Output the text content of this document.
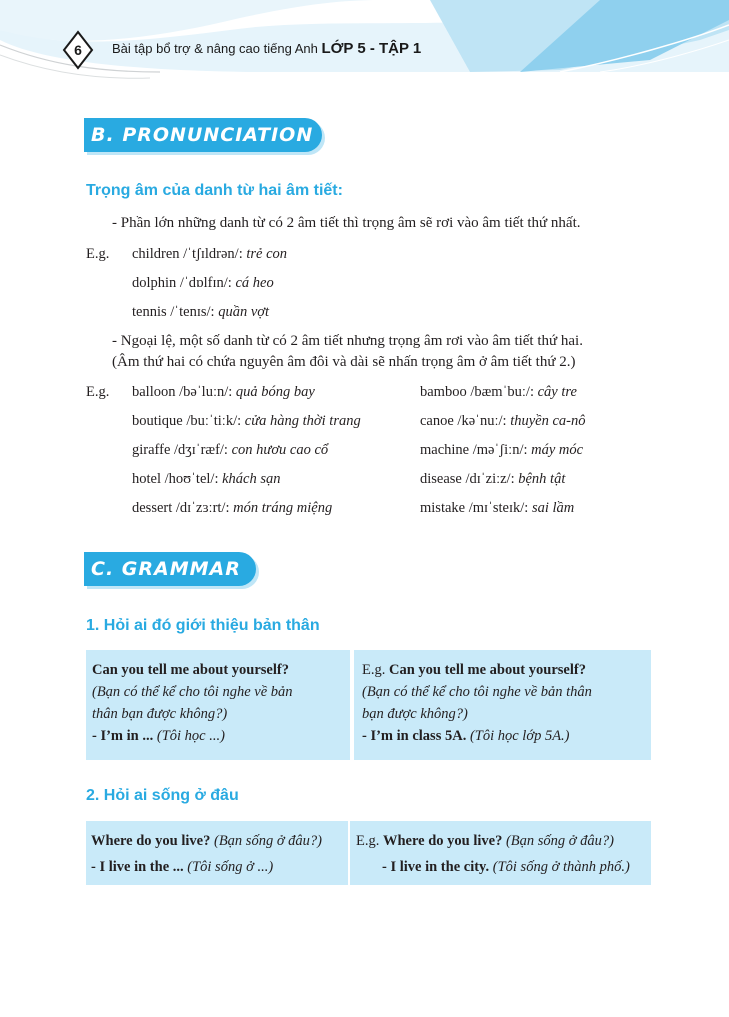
6	Bài tập bổ trợ & nâng cao tiếng Anh LỚP 5 - TẬP 1
B. PRONUNCIATION
Trọng âm của danh từ hai âm tiết:
- Phần lớn những danh từ có 2 âm tiết thì trọng âm sẽ rơi vào âm tiết thứ nhất.
E.g. children /ˈtʃɪldrən/: trẻ con
dolphin /ˈdɒlfɪn/: cá heo
tennis /ˈtenɪs/: quần vợt
- Ngoại lệ, một số danh từ có 2 âm tiết nhưng trọng âm rơi vào âm tiết thứ hai.
(Âm thứ hai có chứa nguyên âm đôi và dài sẽ nhấn trọng âm ở âm tiết thứ 2.)
E.g. balloon /bəˈluːn/: quả bóng bay
boutique /buːˈtiːk/: cửa hàng thời trang
giraffe /dʒɪˈræf/: con hươu cao cổ
hotel /hoʊˈtel/: khách sạn
dessert /dɪˈzɜːrt/: món tráng miệng
bamboo /bæmˈbuː/: cây tre
canoe /kəˈnuː/: thuyền ca-nô
machine /məˈʃiːn/: máy móc
disease /dɪˈziːz/: bệnh tật
mistake /mɪˈsteɪk/: sai lầm
C. GRAMMAR
1. Hỏi ai đó giới thiệu bản thân
Can you tell me about yourself?
(Bạn có thể kể cho tôi nghe về bản
thân bạn được không?)
- I’m in ... (Tôi học ...)
E.g. Can you tell me about yourself?
(Bạn có thể kể cho tôi nghe về bản thân
bạn được không?)
- I’m in class 5A. (Tôi học lớp 5A.)
2. Hỏi ai sống ở đâu
Where do you live? (Bạn sống ở đâu?)
- I live in the ... (Tôi sống ở ...)
E.g. Where do you live? (Bạn sống ở đâu?)
- I live in the city. (Tôi sống ở thành phố.)
